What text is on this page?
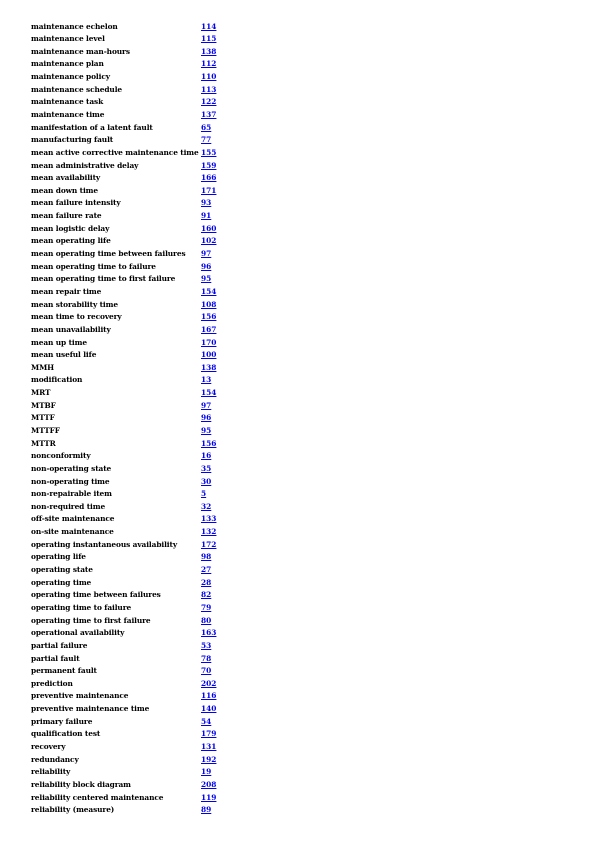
maintenance echelon	114
maintenance level	115
maintenance man-hours	138
maintenance plan	112
maintenance policy	110
maintenance schedule	113
maintenance task	122
maintenance time	137
manifestation of a latent fault	65
manufacturing fault	77
mean active corrective maintenance time 155
mean administrative delay	159
mean availability	166
mean down time	171
mean failure intensity	93
mean failure rate	91
mean logistic delay	160
mean operating life	102
mean operating time between failures	97
mean operating time to failure	96
mean operating time to first failure	95
mean repair time	154
mean storability time	108
mean time to recovery	156
mean unavailability	167
mean up time	170
mean useful life	100
MMH	138
modification	13
MRT	154
MTBF	97
MTTF	96
MTTFF	95
MTTR	156
nonconformity	16
non-operating state	35
non-operating time	30
non-repairable item	5
non-required time	32
off-site maintenance	133
on-site maintenance	132
operating instantaneous availability	172
operating life	98
operating state	27
operating time	28
operating time between failures	82
operating time to failure	79
operating time to first failure	80
operational availability	163
partial failure	53
partial fault	78
permanent fault	70
prediction	202
preventive maintenance	116
preventive maintenance time	140
primary failure	54
qualification test	179
recovery	131
redundancy	192
reliability	19
reliability block diagram	208
reliability centered maintenance	119
reliability (measure)	89
